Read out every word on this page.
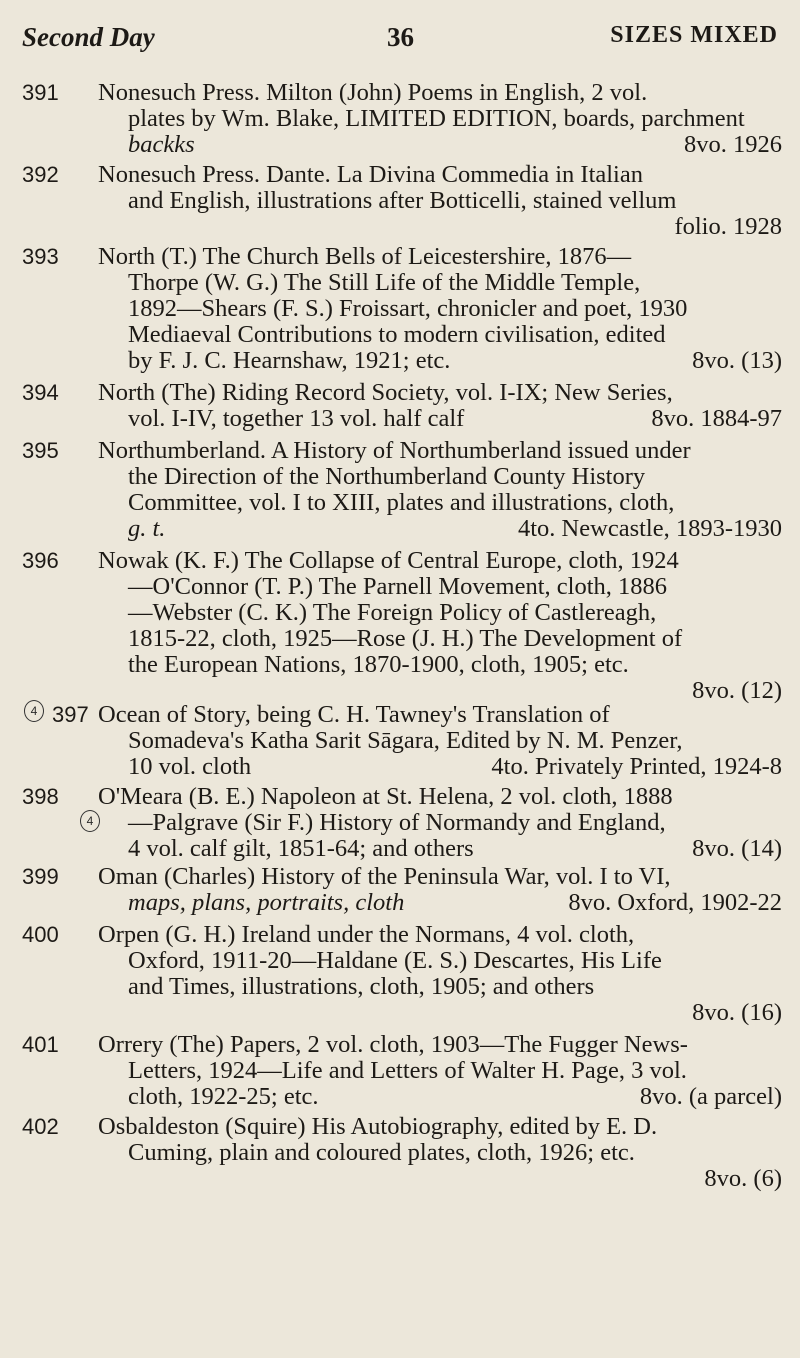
Second Day	36	SIZES MIXED
391	Nonesuch Press. Milton (John) Poems in English, 2 vol.
plates by Wm. Blake, LIMITED EDITION, boards, parchment
backks	8vo. 1926
392	Nonesuch Press. Dante. La Divina Commedia in Italian
and English, illustrations after Botticelli, stained vellum
folio. 1928

393	North (T.) The Church Bells of Leicestershire, 1876—
Thorpe (W. G.) The Still Life of the Middle Temple,
1892—Shears (F. S.) Froissart, chronicler and poet, 1930
Mediaeval Contributions to modern civilisation, edited
by F. J. C. Hearnshaw, 1921; etc.	8vo. (13)
394	North (The) Riding Record Society, vol. I-IX; New Series,
vol. I-IV, together 13 vol. half calf	8vo. 1884-97
395	Northumberland. A History of Northumberland issued under
the Direction of the Northumberland County History
Committee, vol. I to XIII, plates and illustrations, cloth,
g. t.	4to. Newcastle, 1893-1930
396	Nowak (K. F.) The Collapse of Central Europe, cloth, 1924
—O'Connor (T. P.) The Parnell Movement, cloth, 1886
—Webster (C. K.) The Foreign Policy of Castlereagh,
1815-22, cloth, 1925—Rose (J. H.) The Development of
the European Nations, 1870-1900, cloth, 1905; etc.
8vo. (12)

4 397 Ocean of Story, being C. H. Tawney's Translation of
Somadeva's Katha Sarit Sāgara, Edited by N. M. Penzer,
10 vol. cloth	4to. Privately Printed, 1924-8
398	O'Meara (B. E.) Napoleon at St. Helena, 2 vol. cloth, 1888
—Palgrave (Sir F.) History of Normandy and England,
4 vol. calf gilt, 1851-64; and others	8vo. (14)
4
399	Oman (Charles) History of the Peninsula War, vol. I to VI,
maps, plans, portraits, cloth	8vo. Oxford, 1902-22
400	Orpen (G. H.) Ireland under the Normans, 4 vol. cloth,
Oxford, 1911-20—Haldane (E. S.) Descartes, His Life
and Times, illustrations, cloth, 1905; and others
8vo. (16)

401	Orrery (The) Papers, 2 vol. cloth, 1903—The Fugger News-
Letters, 1924—Life and Letters of Walter H. Page, 3 vol.
cloth, 1922-25; etc.	8vo. (a parcel)
402	Osbaldeston (Squire) His Autobiography, edited by E. D.
Cuming, plain and coloured plates, cloth, 1926; etc.
8vo. (6)
